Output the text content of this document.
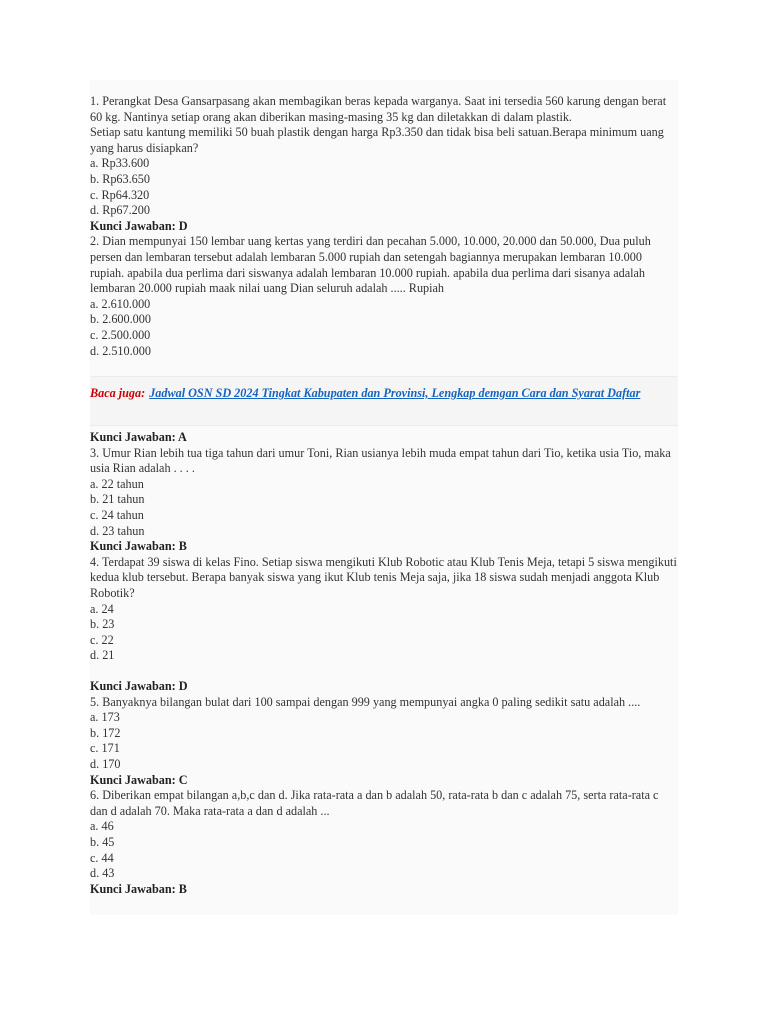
1. Perangkat Desa Gansarpasang akan membagikan beras kepada warganya. Saat ini tersedia 560 karung dengan berat 60 kg. Nantinya setiap orang akan diberikan masing-masing 35 kg dan diletakkan di dalam plastik.

Setiap satu kantung memiliki 50 buah plastik dengan harga Rp3.350 dan tidak bisa beli satuan.Berapa minimum uang yang harus disiapkan?

a. Rp33.600

b. Rp63.650

c. Rp64.320

d. Rp67.200

Kunci Jawaban: D

2. Dian mempunyai 150 lembar uang kertas yang terdiri dan pecahan 5.000, 10.000, 20.000 dan 50.000, Dua puluh persen dan lembaran tersebut adalah lembaran 5.000 rupiah dan setengah bagiannya merupakan lembaran 10.000 rupiah. apabila dua perlima dari siswanya adalah lembaran 10.000 rupiah. apabila dua perlima dari sisanya adalah lembaran 20.000 rupiah maak nilai uang Dian seluruh adalah ..... Rupiah

a. 2.610.000

b. 2.600.000

c. 2.500.000

d. 2.510.000

Baca juga: Jadwal OSN SD 2024 Tingkat Kabupaten dan Provinsi, Lengkap demgan Cara dan Syarat Daftar

Kunci Jawaban: A

3. Umur Rian lebih tua tiga tahun dari umur Toni, Rian usianya lebih muda empat tahun dari Tio, ketika usia Tio, maka usia Rian adalah . . . .

a. 22 tahun

b. 21 tahun

c. 24 tahun

d. 23 tahun

Kunci Jawaban: B

4. Terdapat 39 siswa di kelas Fino. Setiap siswa mengikuti Klub Robotic atau Klub Tenis Meja, tetapi 5 siswa mengikuti kedua klub tersebut. Berapa banyak siswa yang ikut Klub tenis Meja saja, jika 18 siswa sudah menjadi anggota Klub Robotik?

a. 24

b. 23

c. 22

d. 21

Kunci Jawaban: D

5. Banyaknya bilangan bulat dari 100 sampai dengan 999 yang mempunyai angka 0 paling sedikit satu adalah ....

a. 173

b. 172

c. 171

d. 170

Kunci Jawaban: C

6. Diberikan empat bilangan a,b,c dan d. Jika rata-rata a dan b adalah 50, rata-rata b dan c adalah 75, serta rata-rata c dan d adalah 70. Maka rata-rata a dan d adalah ...

a. 46

b. 45

c. 44

d. 43

Kunci Jawaban: B
